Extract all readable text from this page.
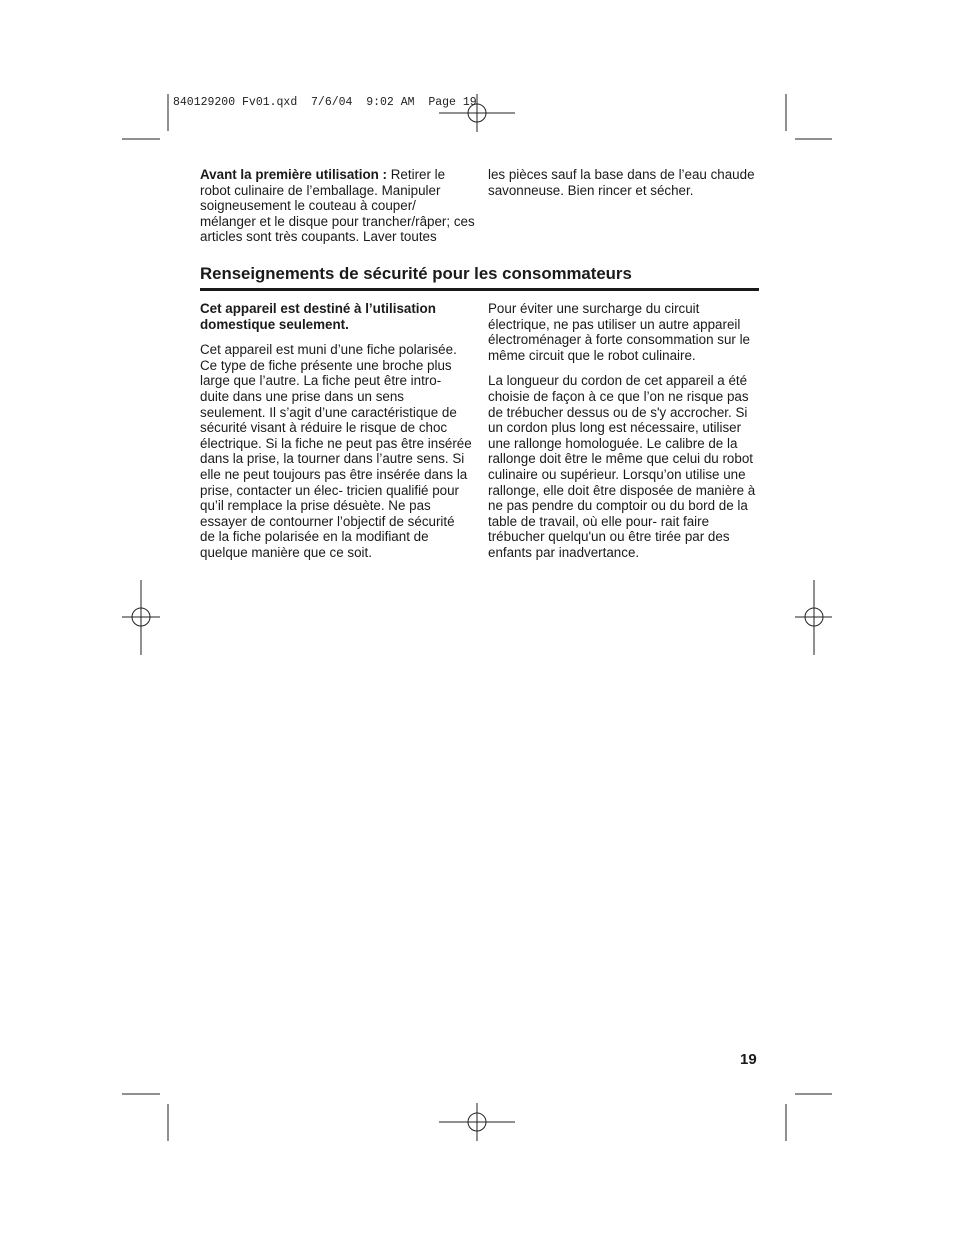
840129200 Fv01.qxd  7/6/04  9:02 AM  Page 19

Avant la première utilisation : Retirer le robot culinaire de l’emballage. Manipuler soigneusement le couteau à couper/ mélanger et le disque pour trancher/râper; ces articles sont très coupants. Laver toutes

les pièces sauf la base dans de l’eau chaude savonneuse. Bien rincer et sécher.

Renseignements de sécurité pour les consommateurs

Cet appareil est destiné à l’utilisation domestique seulement.

Cet appareil est muni d’une fiche polarisée. Ce type de fiche présente une broche plus large que l’autre. La fiche peut être intro- duite dans une prise dans un sens seulement. Il s’agit d’une caractéristique de sécurité visant à réduire le risque de choc électrique. Si la fiche ne peut pas être insérée dans la prise, la tourner dans l’autre sens. Si elle ne peut toujours pas être insérée dans la prise, contacter un élec- tricien qualifié pour qu’il remplace la prise désuète. Ne pas essayer de contourner l’objectif de sécurité de la fiche polarisée en la modifiant de quelque manière que ce soit.

Pour éviter une surcharge du circuit électrique, ne pas utiliser un autre appareil électroménager à forte consommation sur le même circuit que le robot culinaire.

La longueur du cordon de cet appareil a été choisie de façon à ce que l’on ne risque pas de trébucher dessus ou de s'y accrocher. Si un cordon plus long est nécessaire, utiliser une rallonge homologuée. Le calibre de la rallonge doit être le même que celui du robot culinaire ou supérieur. Lorsqu’on utilise une rallonge, elle doit être disposée de manière à ne pas pendre du comptoir ou du bord de la table de travail, où elle pour- rait faire trébucher quelqu'un ou être tirée par des enfants par inadvertance.

19
